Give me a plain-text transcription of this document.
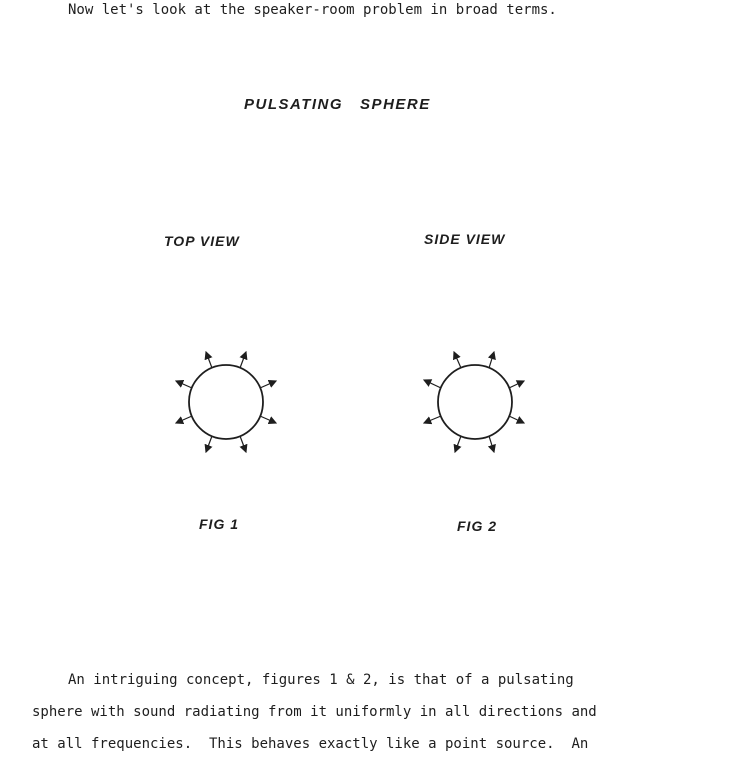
Now let's look at the speaker-room problem in broad terms.
PULSATING   SPHERE
TOP VIEW	SIDE VIEW
FIG 1	FIG 2
An intriguing concept, figures 1 & 2, is that of a pulsating
sphere with sound radiating from it uniformly in all directions and
at all frequencies.  This behaves exactly like a point source.  An
